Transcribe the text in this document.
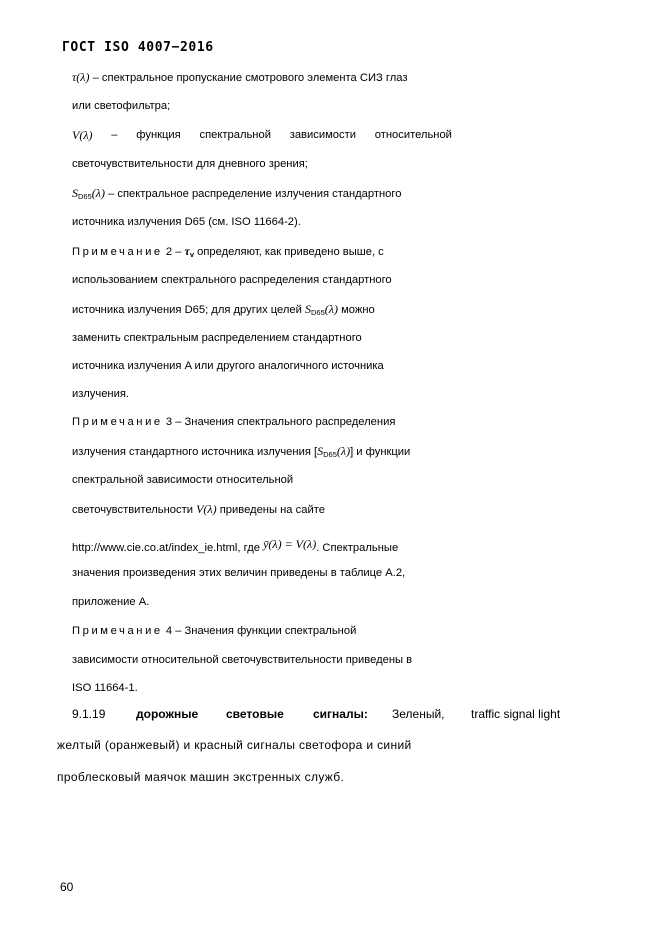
ГОСТ ISO 4007−2016
τ(λ) – спектральное пропускание смотрового элемента СИЗ глаз
или светофильтра;
V(λ) – функция спектральной зависимости относительной
светочувствительности для дневного зрения;
$S_{D65}(\lambda)$ – спектральное распределение излучения стандартного
источника излучения D65 (см. ISO 11664-2).
Примечание $2 - \tau_v$ определяют, как приведено выше, с
использованием спектрального распределения стандартного
источника излучения D65; для других целей $S_{D65}(\lambda)$ можно
заменить спектральным распределением стандартного
источника излучения A или другого аналогичного источника
излучения.
Примечание 3 – Значения спектрального распределения
излучения стандартного источника излучения $[S_{D65}(\lambda)]$ и функции
спектральной зависимости относительной
светочувствительности V(λ) приведены на сайте
http://www.cie.co.at/index_ie.html, где ȳ(λ) = V(λ). Спектральные
значения произведения этих величин приведены в таблице A.2,
приложение A.
Примечание 4 – Значения функции спектральной
зависимости относительной светочувствительности приведены в
ISO 11664-1.
9.1.19	дорожные световые сигналы: Зеленый, traffic signal light
желтый (оранжевый) и красный сигналы светофора и синий
проблесковый маячок машин экстренных служб.
60
